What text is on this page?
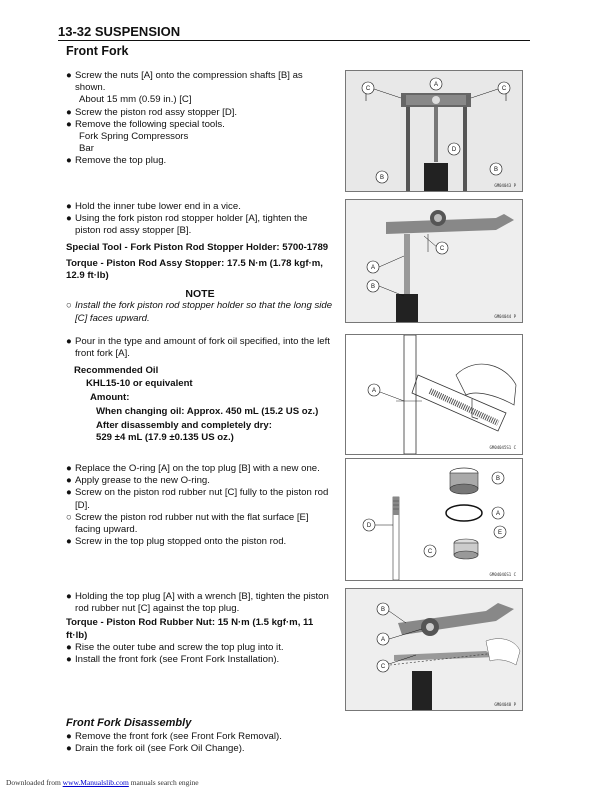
13-32 SUSPENSION
Front Fork
● Screw the nuts [A] onto the compression shafts [B] as shown.
About 15 mm (0.59 in.) [C]
● Screw the piston rod assy stopper [D].
● Remove the following special tools.
Fork Spring Compressors
Bar
● Remove the top plug.
C
A
C
D
B
B
GM04043 P
● Hold the inner tube lower end in a vice.
● Using the fork piston rod stopper holder [A], tighten the piston rod assy stopper [B].
Special Tool - Fork Piston Rod Stopper Holder: 5700-1789
Torque - Piston Rod Assy Stopper: 17.5 N·m (1.78 kgf·m, 12.9 ft·lb)
NOTE
○ Install the fork piston rod stopper holder so that the long side [C] faces upward.
C
A
B
GM04044 P
● Pour in the type and amount of fork oil specified, into the left front fork [A].
Recommended Oil
KHL15-10 or equivalent
Amount:
When changing oil: Approx. 450 mL (15.2 US oz.)
After disassembly and completely dry:
529 ±4 mL (17.9 ±0.135 US oz.)
A
GM04045S1 C
● Replace the O-ring [A] on the top plug [B] with a new one.
● Apply grease to the new O-ring.
● Screw on the piston rod rubber nut [C] fully to the piston rod [D].
○ Screw the piston rod rubber nut with the flat surface [E] facing upward.
● Screw in the top plug stopped onto the piston rod.
B
A
E
C
D
GM04046S1 C
● Holding the top plug [A] with a wrench [B], tighten the piston rod rubber nut [C] against the top plug.
Torque - Piston Rod Rubber Nut: 15 N·m (1.5 kgf·m, 11 ft·lb)
● Rise the outer tube and screw the top plug into it.
● Install the front fork (see Front Fork Installation).
B
A
C
GM04048 P
Front Fork Disassembly
● Remove the front fork (see Front Fork Removal).
● Drain the fork oil (see Fork Oil Change).
Downloaded from www.Manualslib.com manuals search engine
